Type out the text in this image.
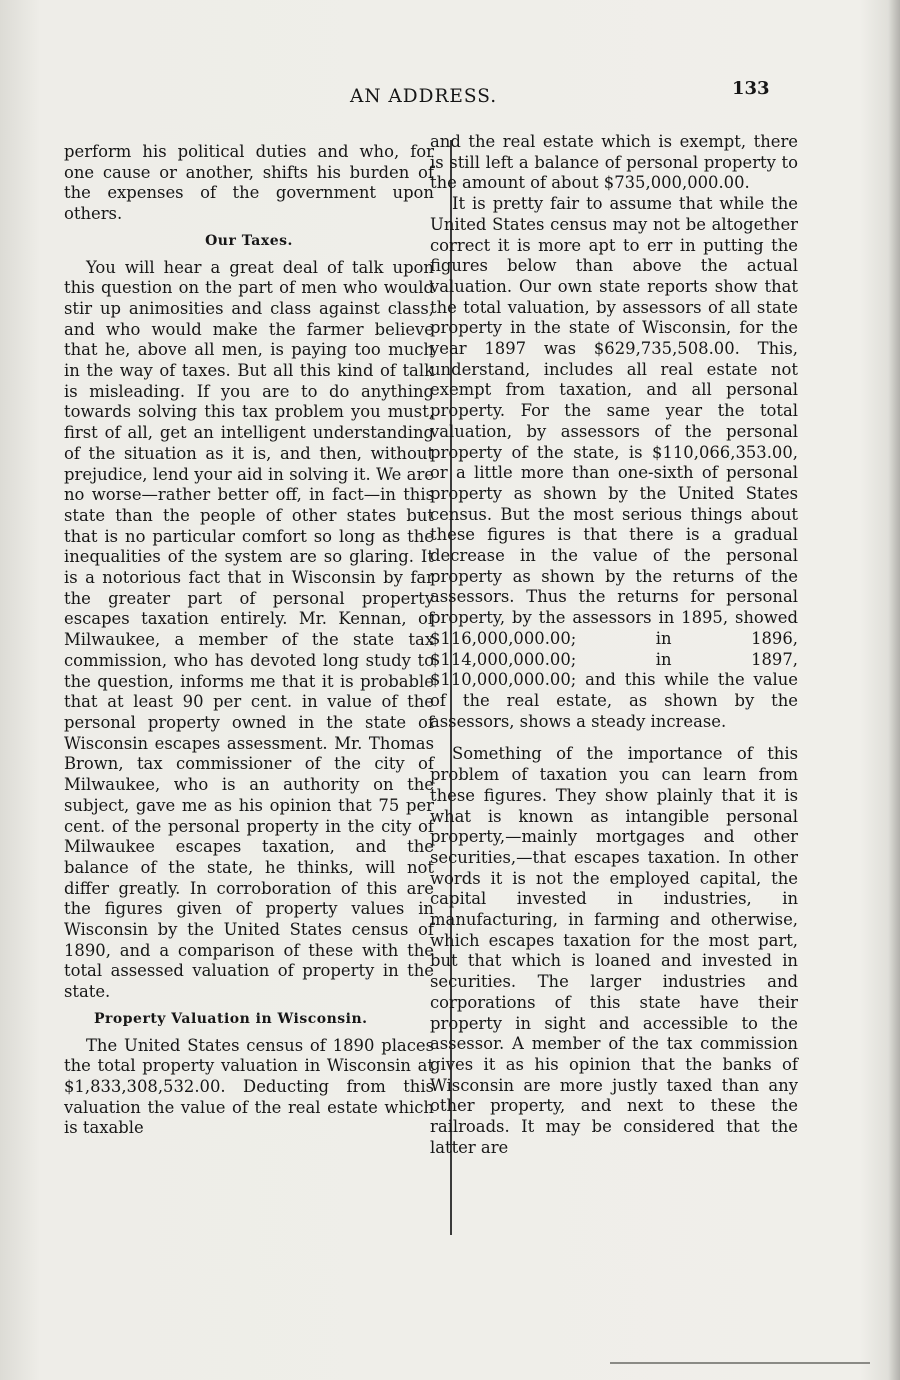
AN ADDRESS.	133

perform his political duties and who, for one cause or another, shifts his burden of the expenses of the government upon others.

Our Taxes.

You will hear a great deal of talk upon this question on the part of men who would stir up animosities and class against class, and who would make the farmer believe that he, above all men, is paying too much in the way of taxes. But all this kind of talk is misleading. If you are to do anything towards solving this tax problem you must, first of all, get an intelligent understanding of the situation as it is, and then, without prejudice, lend your aid in solving it. We are no worse—rather better off, in fact—in this state than the people of other states but that is no particular comfort so long as the inequalities of the system are so glaring. It is a notorious fact that in Wisconsin by far the greater part of personal property escapes taxation entirely. Mr. Kennan, of Milwaukee, a member of the state tax commission, who has devoted long study to the question, informs me that it is probable that at least 90 per cent. in value of the personal property owned in the state of Wisconsin escapes assessment. Mr. Thomas Brown, tax commissioner of the city of Milwaukee, who is an authority on the subject, gave me as his opinion that 75 per cent. of the personal property in the city of Milwaukee escapes taxation, and the balance of the state, he thinks, will not differ greatly. In corroboration of this are the figures given of property values in Wisconsin by the United States census of 1890, and a comparison of these with the total assessed valuation of property in the state.

Property Valuation in Wisconsin.

The United States census of 1890 places the total property valuation in Wisconsin at $1,833,308,532.00. Deducting from this valuation the value of the real estate which is taxable

and the real estate which is exempt, there is still left a balance of personal property to the amount of about $735,000,000.00.

It is pretty fair to assume that while the United States census may not be altogether correct it is more apt to err in putting the figures below than above the actual valuation. Our own state reports show that the total valuation, by assessors of all state property in the state of Wisconsin, for the year 1897 was $629,735,508.00. This, understand, includes all real estate not exempt from taxation, and all personal property. For the same year the total valuation, by assessors of the personal property of the state, is $110,066,353.00, or a little more than one-sixth of personal property as shown by the United States census. But the most serious things about these figures is that there is a gradual decrease in the value of the personal property as shown by the returns of the assessors. Thus the returns for personal property, by the assessors in 1895, showed $116,000,000.00; in 1896, $114,000,000.00; in 1897, $110,000,000.00; and this while the value of the real estate, as shown by the assessors, shows a steady increase.

Something of the importance of this problem of taxation you can learn from these figures. They show plainly that it is what is known as intangible personal property,—mainly mortgages and other securities,—that escapes taxation. In other words it is not the employed capital, the capital invested in industries, in manufacturing, in farming and otherwise, which escapes taxation for the most part, but that which is loaned and invested in securities. The larger industries and corporations of this state have their property in sight and accessible to the assessor. A member of the tax commission gives it as his opinion that the banks of Wisconsin are more justly taxed than any other property, and next to these the railroads. It may be considered that the latter are
